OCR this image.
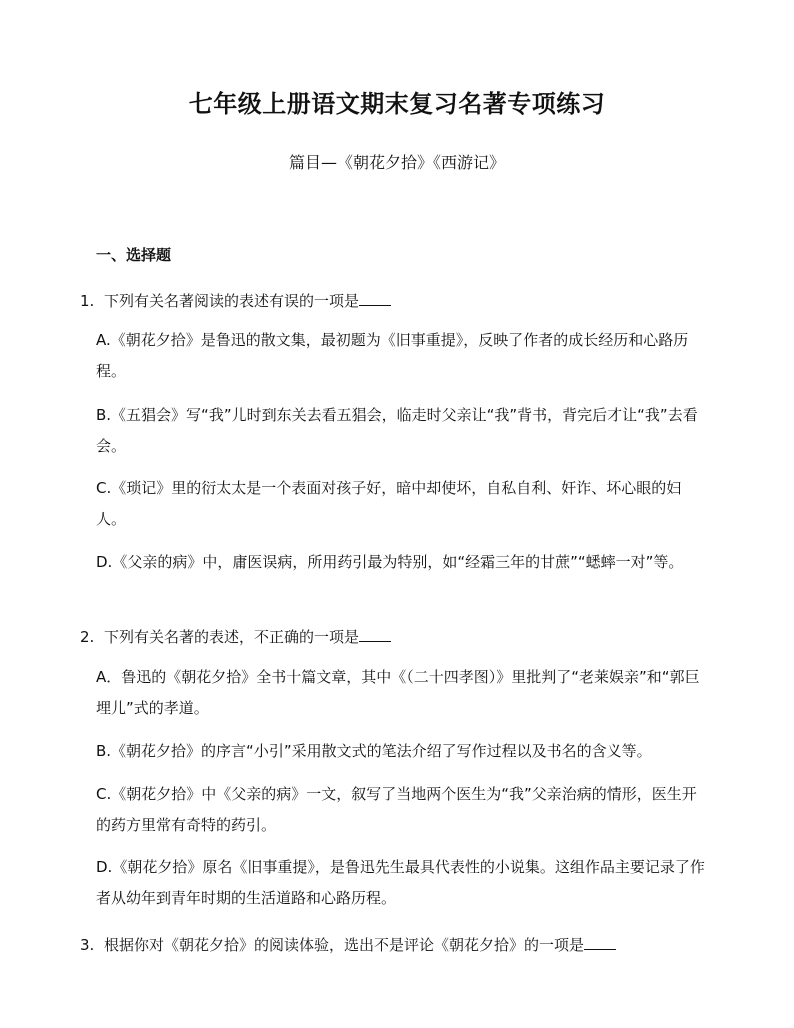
七年级上册语文期末复习名著专项练习
篇目—《朝花夕拾》《西游记》
一、选择题
1. 下列有关名著阅读的表述有误的一项是
A.《朝花夕拾》是鲁迅的散文集，最初题为《旧事重提》，反映了作者的成长经历和心路历程。
B.《五猖会》写“我”儿时到东关去看五猖会，临走时父亲让“我”背书，背完后才让“我”去看会。
C.《琐记》里的衍太太是一个表面对孩子好，暗中却使坏，自私自利、奸诈、坏心眼的妇人。
D.《父亲的病》中，庸医误病，所用药引最为特别，如“经霜三年的甘蔗”“蟋蟀一对”等。
2. 下列有关名著的表述，不正确的一项是
A．鲁迅的《朝花夕拾》全书十篇文章，其中《（二十四孝图）》里批判了“老莱娱亲”和“郭巨埋儿”式的孝道。
B.《朝花夕拾》的序言“小引”采用散文式的笔法介绍了写作过程以及书名的含义等。
C.《朝花夕拾》中《父亲的病》一文，叙写了当地两个医生为“我”父亲治病的情形，医生开的药方里常有奇特的药引。
D.《朝花夕拾》原名《旧事重提》，是鲁迅先生最具代表性的小说集。这组作品主要记录了作者从幼年到青年时期的生活道路和心路历程。
3. 根据你对《朝花夕拾》的阅读体验，选出不是评论《朝花夕拾》的一项是
